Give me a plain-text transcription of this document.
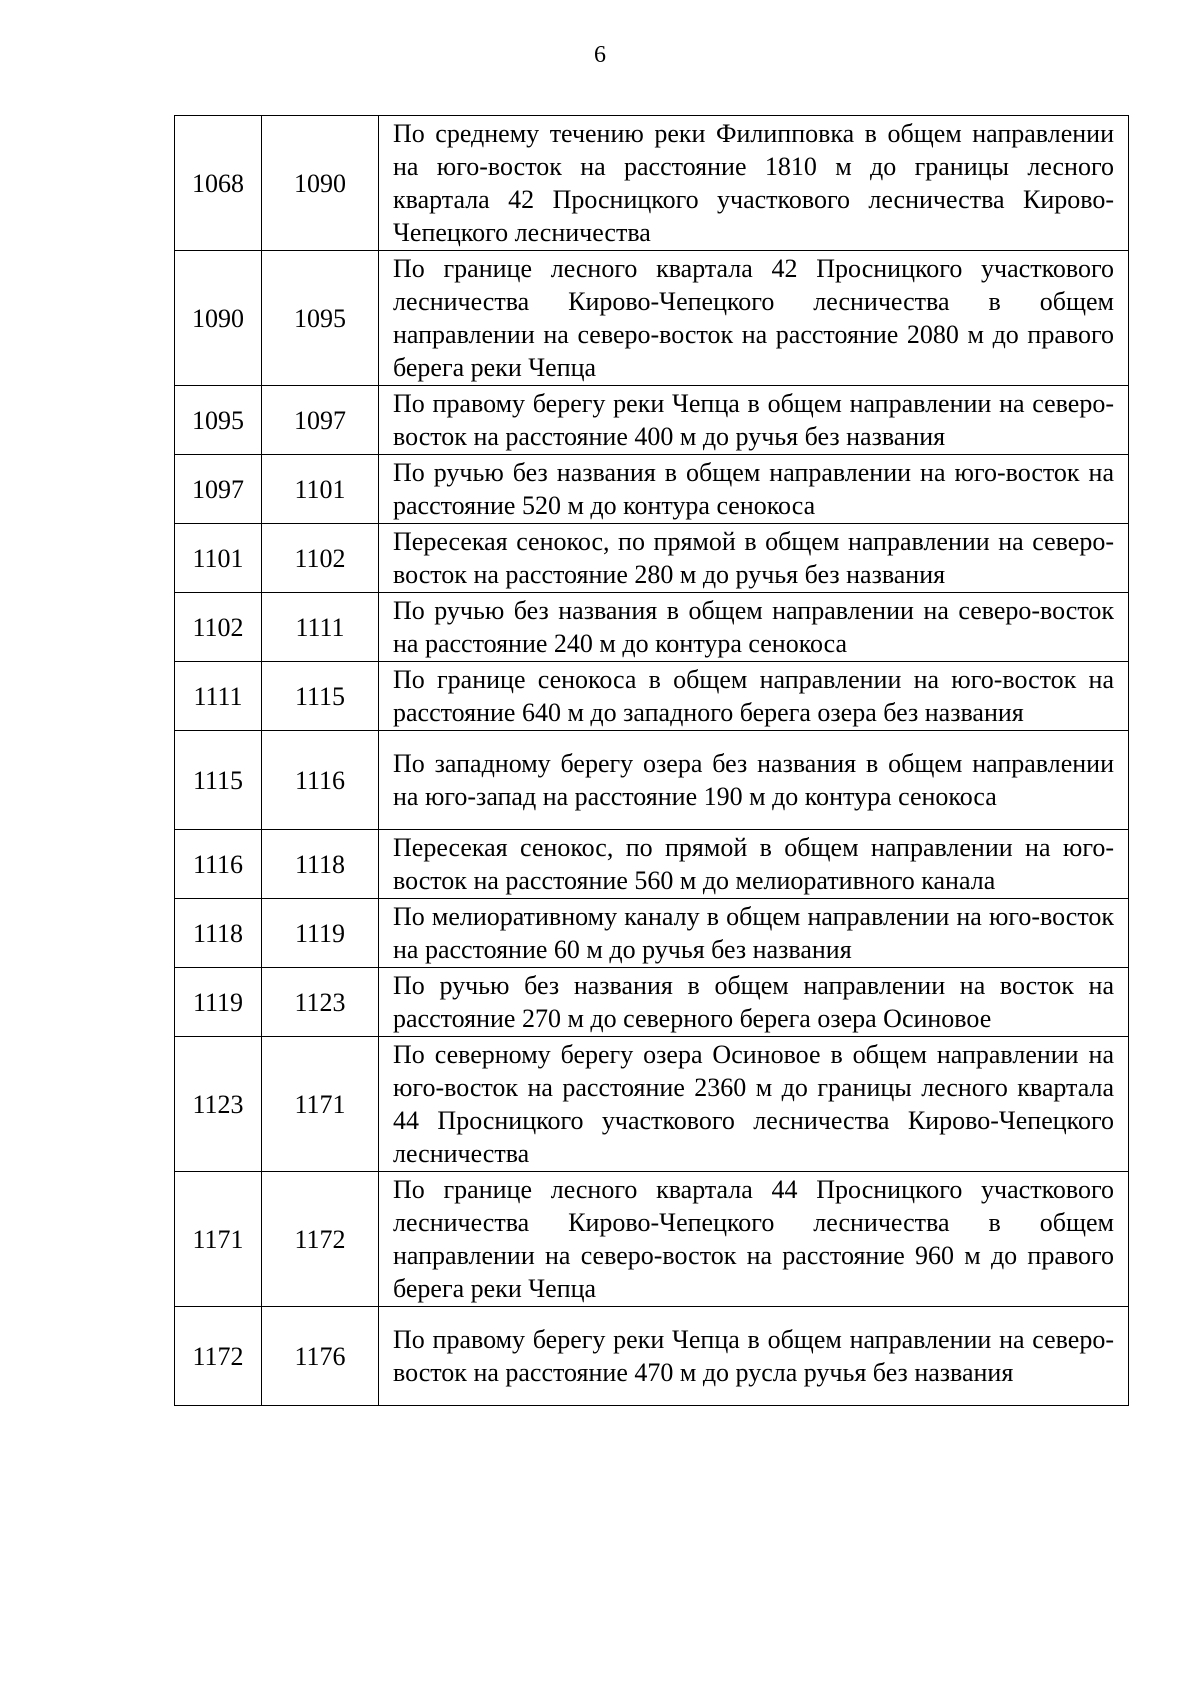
6
1068	1090	По среднему течению реки Филипповка в общем направлении на юго-восток на расстояние 1810 м до границы лесного квартала 42 Просницкого участкового лесничества Кирово-Чепецкого лесничества

1090	1095	По границе лесного квартала 42 Просницкого участкового лесничества Кирово-Чепецкого лесничества в общем направлении на северо-восток на расстояние 2080 м до правого берега реки Чепца

1095	1097	По правому берегу реки Чепца в общем направлении на северо-восток на расстояние 400 м до ручья без названия

1097	1101	По ручью без названия в общем направлении на юго-восток на расстояние 520 м до контура сенокоса

1101	1102	Пересекая сенокос, по прямой в общем направлении на северо-восток на расстояние 280 м до ручья без названия

1102	1111	По ручью без названия в общем направлении на северо-восток на расстояние 240 м до контура сенокоса

1111	1115	По границе сенокоса в общем направлении на юго-восток на расстояние 640 м до западного берега озера без названия

1115	1116	По западному берегу озера без названия в общем направлении на юго-запад на расстояние 190 м до контура сенокоса

1116	1118	Пересекая сенокос, по прямой в общем направлении на юго-восток на расстояние 560 м до мелиоративного канала

1118	1119	По мелиоративному каналу в общем направлении на юго-восток на расстояние 60 м до ручья без названия

1119	1123	По ручью без названия в общем направлении на восток на расстояние 270 м до северного берега озера Осиновое

1123	1171	По северному берегу озера Осиновое в общем направлении на юго-восток на расстояние 2360 м до границы лесного квартала 44 Просницкого участкового лесничества Кирово-Чепецкого лесничества

1171	1172	По границе лесного квартала 44 Просницкого участкового лесничества Кирово-Чепецкого лесничества в общем направлении на северо-восток на расстояние 960 м до правого берега реки Чепца

1172	1176	По правому берегу реки Чепца в общем направлении на северо-восток на расстояние 470 м до русла ручья без названия
